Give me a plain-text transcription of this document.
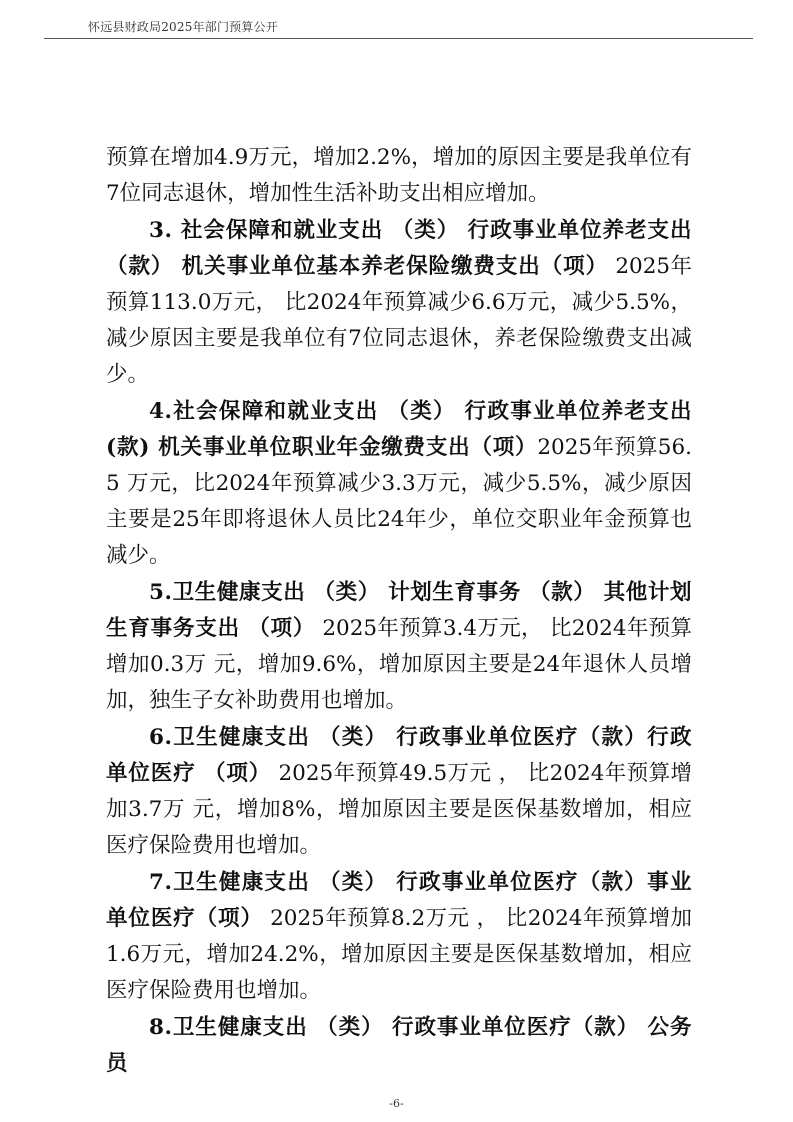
怀远县财政局2025年部门预算公开

预算在增加4.9万元，增加2.2%，增加的原因主要是我单位有7位同志退休，增加性生活补助支出相应增加。

3. 社会保障和就业支出 （类） 行政事业单位养老支出（款） 机关事业单位基本养老保险缴费支出（项） 2025年预算113.0万元， 比2024年预算减少6.6万元，减少5.5%，减少原因主要是我单位有7位同志退休，养老保险缴费支出减少。

4.社会保障和就业支出 （类） 行政事业单位养老支出 (款) 机关事业单位职业年金缴费支出（项）2025年预算56.5 万元，比2024年预算减少3.3万元，减少5.5%，减少原因主要是25年即将退休人员比24年少，单位交职业年金预算也减少。

5.卫生健康支出 （类） 计划生育事务 （款） 其他计划生育事务支出 （项） 2025年预算3.4万元， 比2024年预算增加0.3万 元，增加9.6%，增加原因主要是24年退休人员增加，独生子女补助费用也增加。

6.卫生健康支出 （类） 行政事业单位医疗（款）行政单位医疗 （项） 2025年预算49.5万元 ， 比2024年预算增加3.7万 元，增加8%，增加原因主要是医保基数增加，相应医疗保险费用也增加。

7.卫生健康支出 （类） 行政事业单位医疗（款）事业单位医疗（项） 2025年预算8.2万元 ， 比2024年预算增加1.6万元，增加24.2%，增加原因主要是医保基数增加，相应医疗保险费用也增加。

8.卫生健康支出 （类） 行政事业单位医疗（款） 公务员

-6-
